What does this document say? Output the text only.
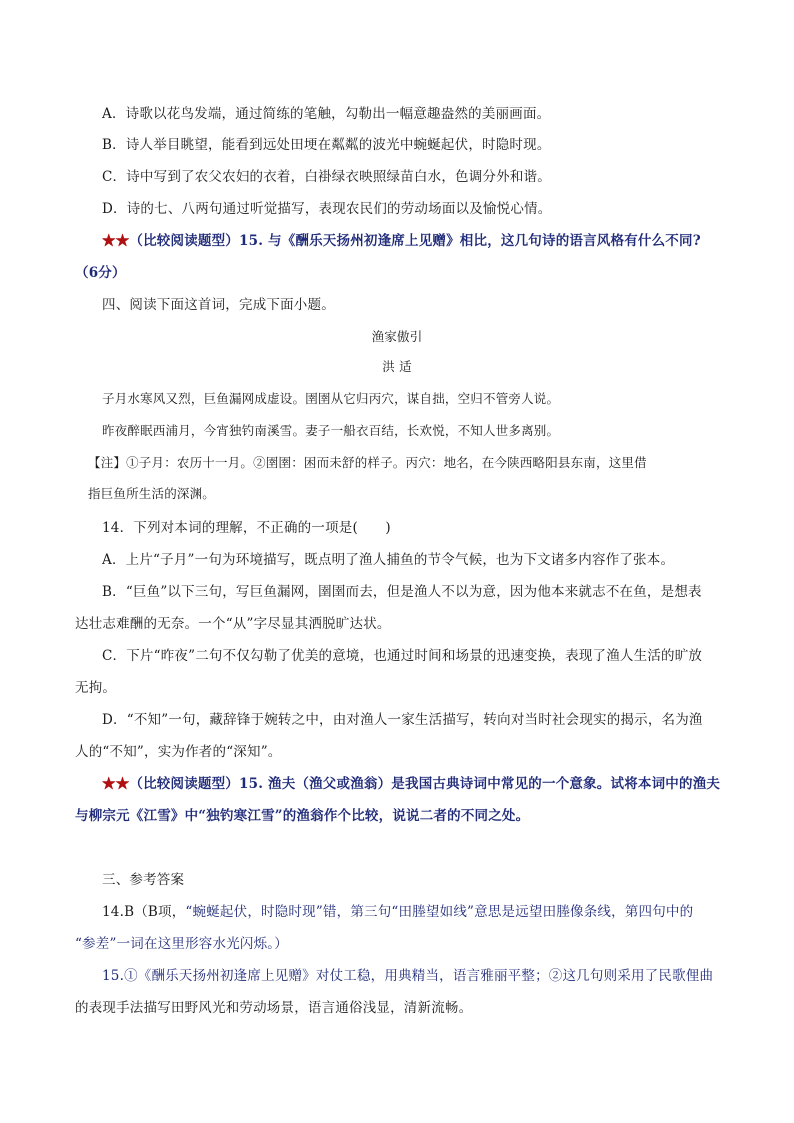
A．诗歌以花鸟发端，通过简练的笔触，勾勒出一幅意趣盎然的美丽画面。
B．诗人举目眺望，能看到远处田埂在粼粼的波光中蜿蜒起伏，时隐时现。
C．诗中写到了农父农妇的衣着，白褂绿衣映照绿苗白水，色调分外和谐。
D．诗的七、八两句通过听觉描写，表现农民们的劳动场面以及愉悦心情。
★★（比较阅读题型）15. 与《酬乐天扬州初逢席上见赠》相比，这几句诗的语言风格有什么不同?
（6分）
四、阅读下面这首词，完成下面小题。
渔家傲引
洪 适
子月水寒风又烈，巨鱼漏网成虚设。圉圉从它归丙穴，谋自拙，空归不管旁人说。
昨夜醉眠西浦月，今宵独钓南溪雪。妻子一船衣百结，长欢悦，不知人世多离别。
【注】①子月：农历十一月。②圉圉：困而未舒的样子。丙穴：地名，在今陕西略阳县东南，这里借
指巨鱼所生活的深渊。
14．下列对本词的理解，不正确的一项是(　　)
A．上片“子月”一句为环境描写，既点明了渔人捕鱼的节令气候，也为下文诸多内容作了张本。
B．“巨鱼”以下三句，写巨鱼漏网，圉圉而去，但是渔人不以为意，因为他本来就志不在鱼，是想表
达壮志难酬的无奈。一个“从”字尽显其洒脱旷达状。
C．下片“昨夜”二句不仅勾勒了优美的意境，也通过时间和场景的迅速变换，表现了渔人生活的旷放
无拘。
D．“不知”一句，藏辞锋于婉转之中，由对渔人一家生活描写，转向对当时社会现实的揭示，名为渔
人的“不知”，实为作者的“深知”。
★★（比较阅读题型）15. 渔夫（渔父或渔翁）是我国古典诗词中常见的一个意象。试将本词中的渔夫
与柳宗元《江雪》中“独钓寒江雪”的渔翁作个比较，说说二者的不同之处。
三、参考答案
14.B（B项，“蜿蜒起伏，时隐时现”错，第三句“田塍望如线”意思是远望田塍像条线，第四句中的
“参差”一词在这里形容水光闪烁。）
15.①《酬乐天扬州初逢席上见赠》对仗工稳，用典精当，语言雅丽平整；②这几句则采用了民歌俚曲
的表现手法描写田野风光和劳动场景，语言通俗浅显，清新流畅。
